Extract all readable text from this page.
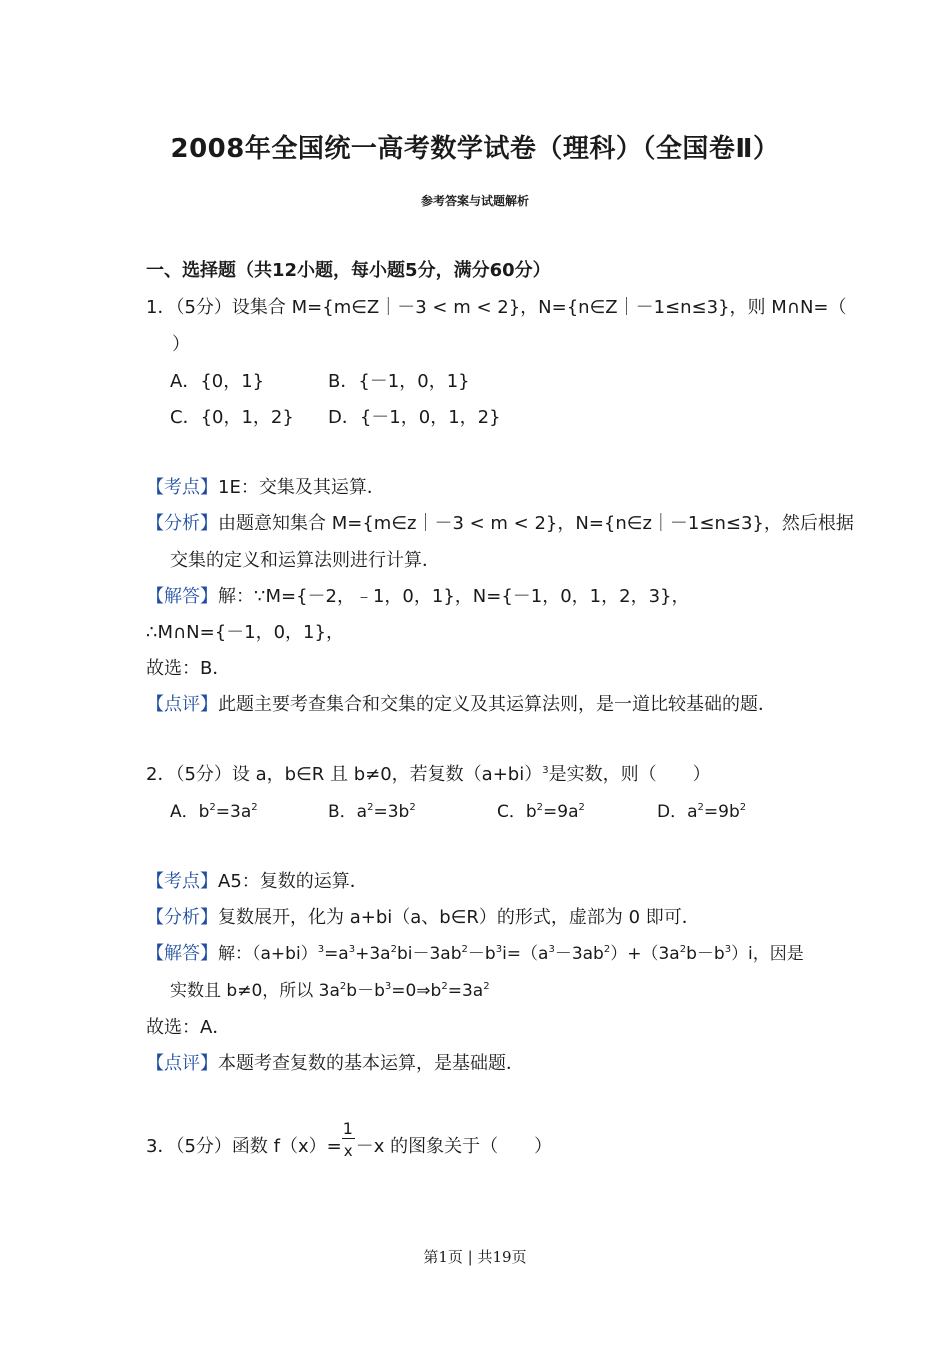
2008年全国统一高考数学试卷（理科）（全国卷Ⅱ）
参考答案与试题解析
一、选择题（共12小题，每小题5分，满分60分）
1．（5分）设集合 M={m∈Z｜－3 < m < 2}，N={n∈Z｜－1≤n≤3}，则 M∩N=（
）
A．{0，1}	B．{－1，0，1}
C．{0，1，2} D．{－1，0，1，2}
【考点】1E：交集及其运算．
【分析】由题意知集合 M={m∈z｜－3 < m < 2}，N={n∈z｜－1≤n≤3}，然后根据
交集的定义和运算法则进行计算．
【解答】解：∵M={－2，﹣1，0，1}，N={－1，0，1，2，3}，
∴M∩N={－1，0，1}，
故选：B．
【点评】此题主要考查集合和交集的定义及其运算法则，是一道比较基础的题．
2．（5分）设 a，b∈R 且 b≠0，若复数$(a+bi)^3$是实数，则（　　）
A．$b^2=3a^2$	B．$a^2=3b^2$	C．$b^2=9a^2$	D．$a^2=9b^2$
【考点】A5：复数的运算．
【分析】复数展开，化为 a+bi（a、b∈R）的形式，虚部为 0 即可．
【解答】解：$(a+bi)^3=a^3+3a^2bi-3ab^2-b^3i=(a^3-3ab^2)+(3a^2b-b^3)i$，因是
实数且 b≠0，所以 $3a^2b-b^3=0\Rightarrow b^2=3a^2$
故选：A．
【点评】本题考查复数的基本运算，是基础题．
3．（5分）函数 $f(x)= \frac{1}{x} -x$ 的图象关于（　　）
第1页 | 共19页
